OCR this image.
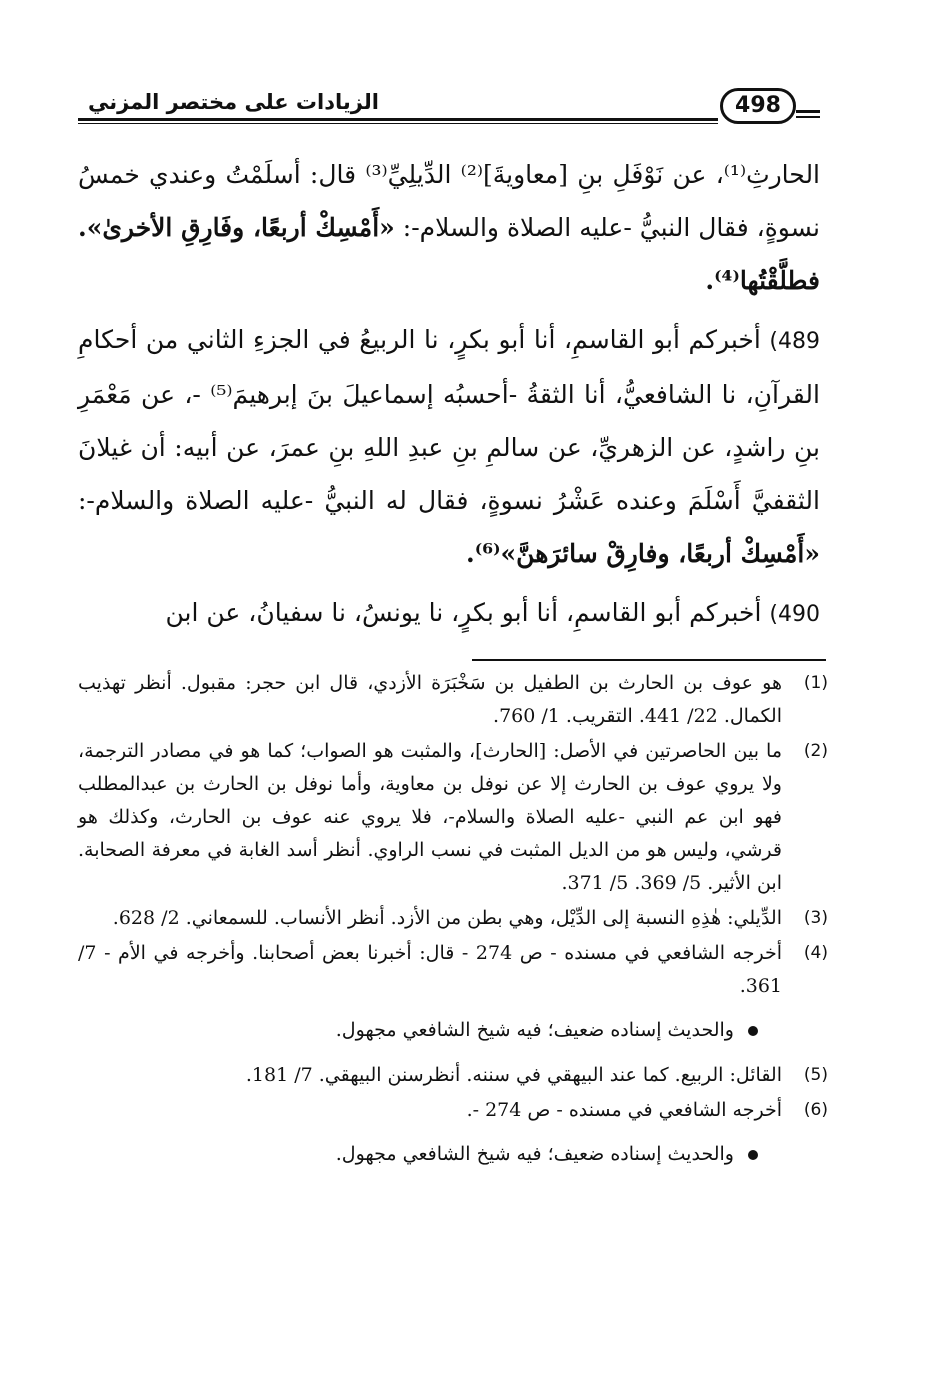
الزيادات على مختصر المزني	498

الحارثِ⁽¹⁾، عن نَوْفَلِ بنِ [معاويةَ]⁽²⁾ الدِّيلِيِّ⁽³⁾ قال: أسلَمْتُ وعندي خمسُ نسوةٍ، فقال النبيُّ -عليه الصلاة والسلام-: «أَمْسِكْ أربعًا، وفَارِقِ الأخرىٰ». فطلَّقْتُها⁽⁴⁾.

489) أخبركم أبو القاسمِ، أنا أبو بكرٍ، نا الربيعُ في الجزءِ الثاني من أحكامِ القرآنِ، نا الشافعيُّ، أنا الثقةُ -أحسبُه إسماعيلَ بنَ إبرهيمَ⁽⁵⁾ -، عن مَعْمَرِ بنِ راشدٍ، عن الزهريِّ، عن سالمِ بنِ عبدِ اللهِ بنِ عمرَ، عن أبيه: أن غيلانَ الثقفيَّ أَسْلَمَ وعنده عَشْرُ نسوةٍ، فقال له النبيُّ -عليه الصلاة والسلام-: «أَمْسِكْ أربعًا، وفارِقْ سائرَهنَّ»⁽⁶⁾.

490) أخبركم أبو القاسمِ، أنا أبو بكرٍ، نا يونسُ، نا سفيانُ، عن ابن

(1)
هو عوف بن الحارث بن الطفيل بن سَخْبَرَة الأزدي، قال ابن حجر: مقبول. أنظر تهذيب الكمال. 22/ 441. التقريب. 1/ 760.
(2)
ما بين الحاصرتين في الأصل: [الحارث]، والمثبت هو الصواب؛ كما هو في مصادر الترجمة، ولا يروي عوف بن الحارث إلا عن نوفل بن معاوية، وأما نوفل بن الحارث بن عبدالمطلب فهو ابن عم النبي -عليه الصلاة والسلام-، فلا يروي عنه عوف بن الحارث، وكذلك هو قرشي، وليس هو من الديل المثبت في نسب الراوي. أنظر أسد الغابة في معرفة الصحابة. ابن الأثير. 5/ 369. 5/ 371.
(3)
الدِّيلي: هٰذِهِ النسبة إلى الدِّيْل، وهي بطن من الأزد. أنظر الأنساب. للسمعاني. 2/ 628.
(4)
أخرجه الشافعي في مسنده - ص 274 - قال: أخبرنا بعض أصحابنا. وأخرجه في الأم - 7/ 361.
والحديث إسناده ضعيف؛ فيه شيخ الشافعي مجهول.
(5)
القائل: الربيع. كما عند البيهقي في سننه. أنظرسنن البيهقي. 7/ 181.
(6)
أخرجه الشافعي في مسنده - ص 274 -.
والحديث إسناده ضعيف؛ فيه شيخ الشافعي مجهول.
